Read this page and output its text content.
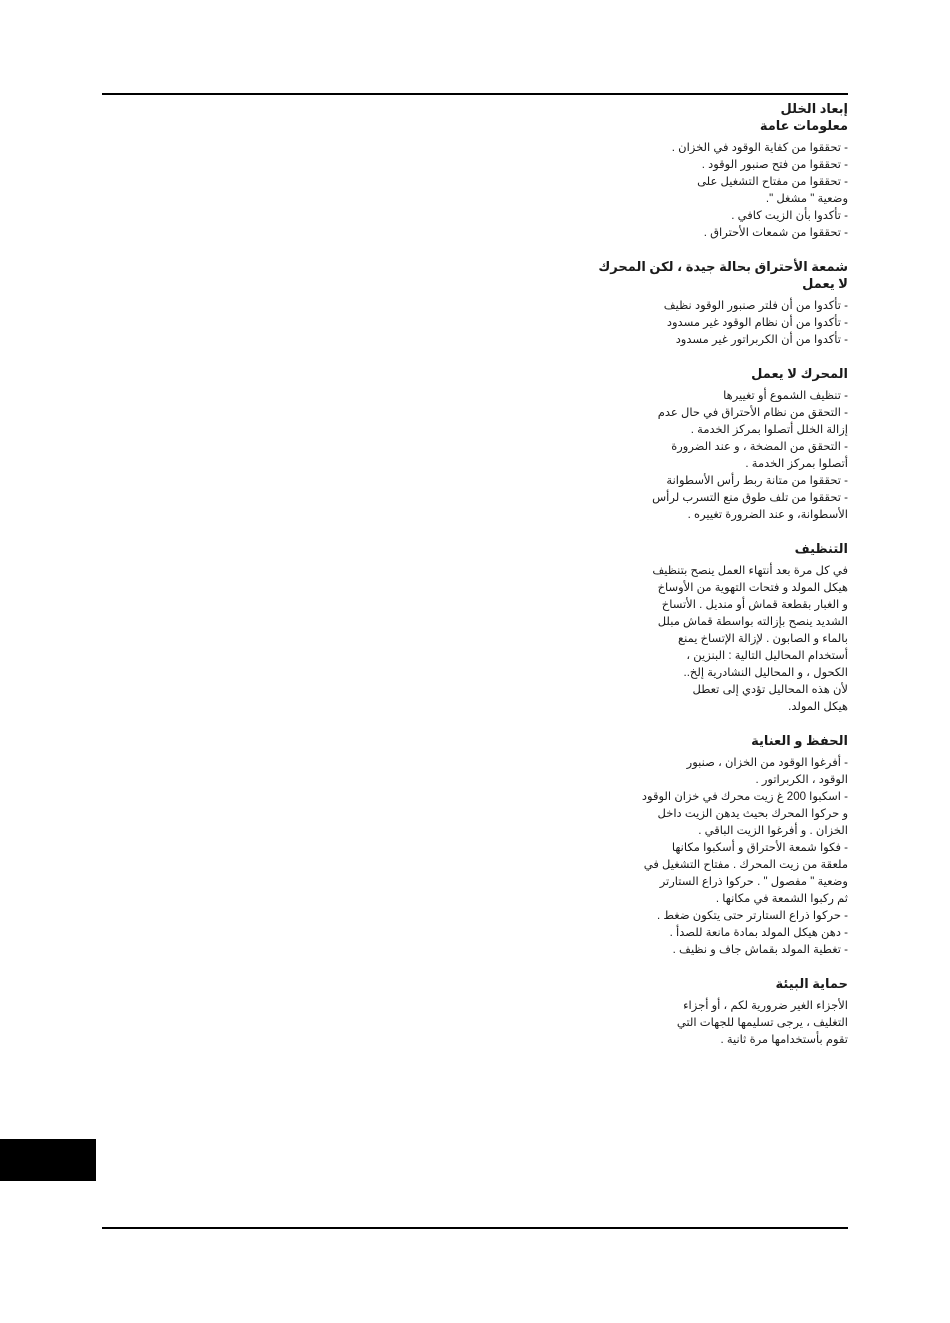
إبعاد الخلل

معلومات عامة

- تحققوا من كفاية الوقود في الخزان .

- تحققوا من فتح صنبور الوقود .

- تحققوا من مفتاح التشغيل على

وضعية " مشغل ".

- تأكدوا بأن الزيت كافي .

- تحققوا من شمعات الأحتراق .

شمعة الأحتراق بحالة جيدة ، لكن المحرك

لا يعمل

- تأكدوا من أن فلتر صنبور الوقود نظيف

- تأكدوا من أن نظام الوقود غير مسدود

- تأكدوا من أن الكربراتور غير مسدود

المحرك لا يعمل

- تنظيف الشموع أو تغييرها

- التحقق من نظام الأحتراق في حال عدم

إزالة الخلل أتصلوا بمركز الخدمة .

- التحقق من المضخة ، و عند الضرورة

أتصلوا بمركز الخدمة .

- تحققوا من متانة ربط رأس الأسطوانة

- تحققوا من تلف طوق منع التسرب لرأس

الأسطوانة، و عند الضرورة تغييره .

التنظيف

في كل مرة بعد أنتهاء العمل ينصح بتنظيف

هيكل المولد و فتحات التهوية من الأوساخ

و الغبار بقطعة قماش أو منديل . الأتساخ

الشديد ينصح بإزالته بواسطة قماش مبلل

بالماء و الصابون . لإزالة الإتساخ يمنع

أستخدام المحاليل التالية : البنزين ،

الكحول ، و المحاليل النشادرية إلخ..

لأن هذه المحاليل تؤدي إلى تعطل

هيكل المولد.

الحفظ و العناية

- أفرغوا الوقود من الخزان ، صنبور

الوقود ، الكربراتور .

- اسكبوا 200 غ زيت محرك في خزان الوقود

و حركوا المحرك بحيث يدهن الزيت داخل

الخزان . و أفرغوا الزيت الباقي .

- فكوا شمعة الأحتراق و أسكبوا مكانها

ملعقة من زيت المحرك . مفتاح التشغيل في

وضعية " مفصول " . حركوا ذراع الستارتر

ثم ركبوا الشمعة في مكانها .

- حركوا ذراع الستارتر حتى يتكون ضغط .

- دهن هيكل المولد بمادة مانعة للصدأ .

- تغطية المولد بقماش جاف و نظيف .

حماية البيئة

الأجزاء الغير ضرورية لكم ، أو أجزاء

التغليف ، يرجى تسليمها للجهات التي

تقوم بأستخدامها مرة ثانية .
